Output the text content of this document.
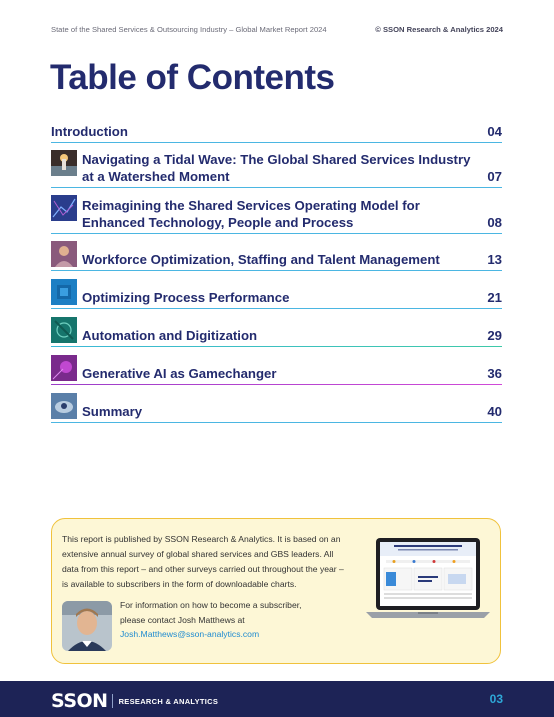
State of the Shared Services & Outsourcing Industry – Global Market Report 2024	© SSON Research & Analytics 2024
Table of Contents
Introduction	04
Navigating a Tidal Wave: The Global Shared Services Industry
at a Watershed Moment	07
Reimagining the Shared Services Operating Model for
Enhanced Technology, People and Process	08
Workforce Optimization, Staffing and Talent Management	13
Optimizing Process Performance	21
Automation and Digitization	29
Generative AI as Gamechanger	36
Summary	40
This report is published by SSON Research & Analytics. It is based on an extensive annual survey of global shared services and GBS leaders. All data from this report – and other surveys carried out throughout the year – is available to subscribers in the form of downloadable charts.
For information on how to become a subscriber,
please contact Josh Matthews at
Josh.Matthews@sson-analytics.com
SSON RESEARCH & ANALYTICS	03
